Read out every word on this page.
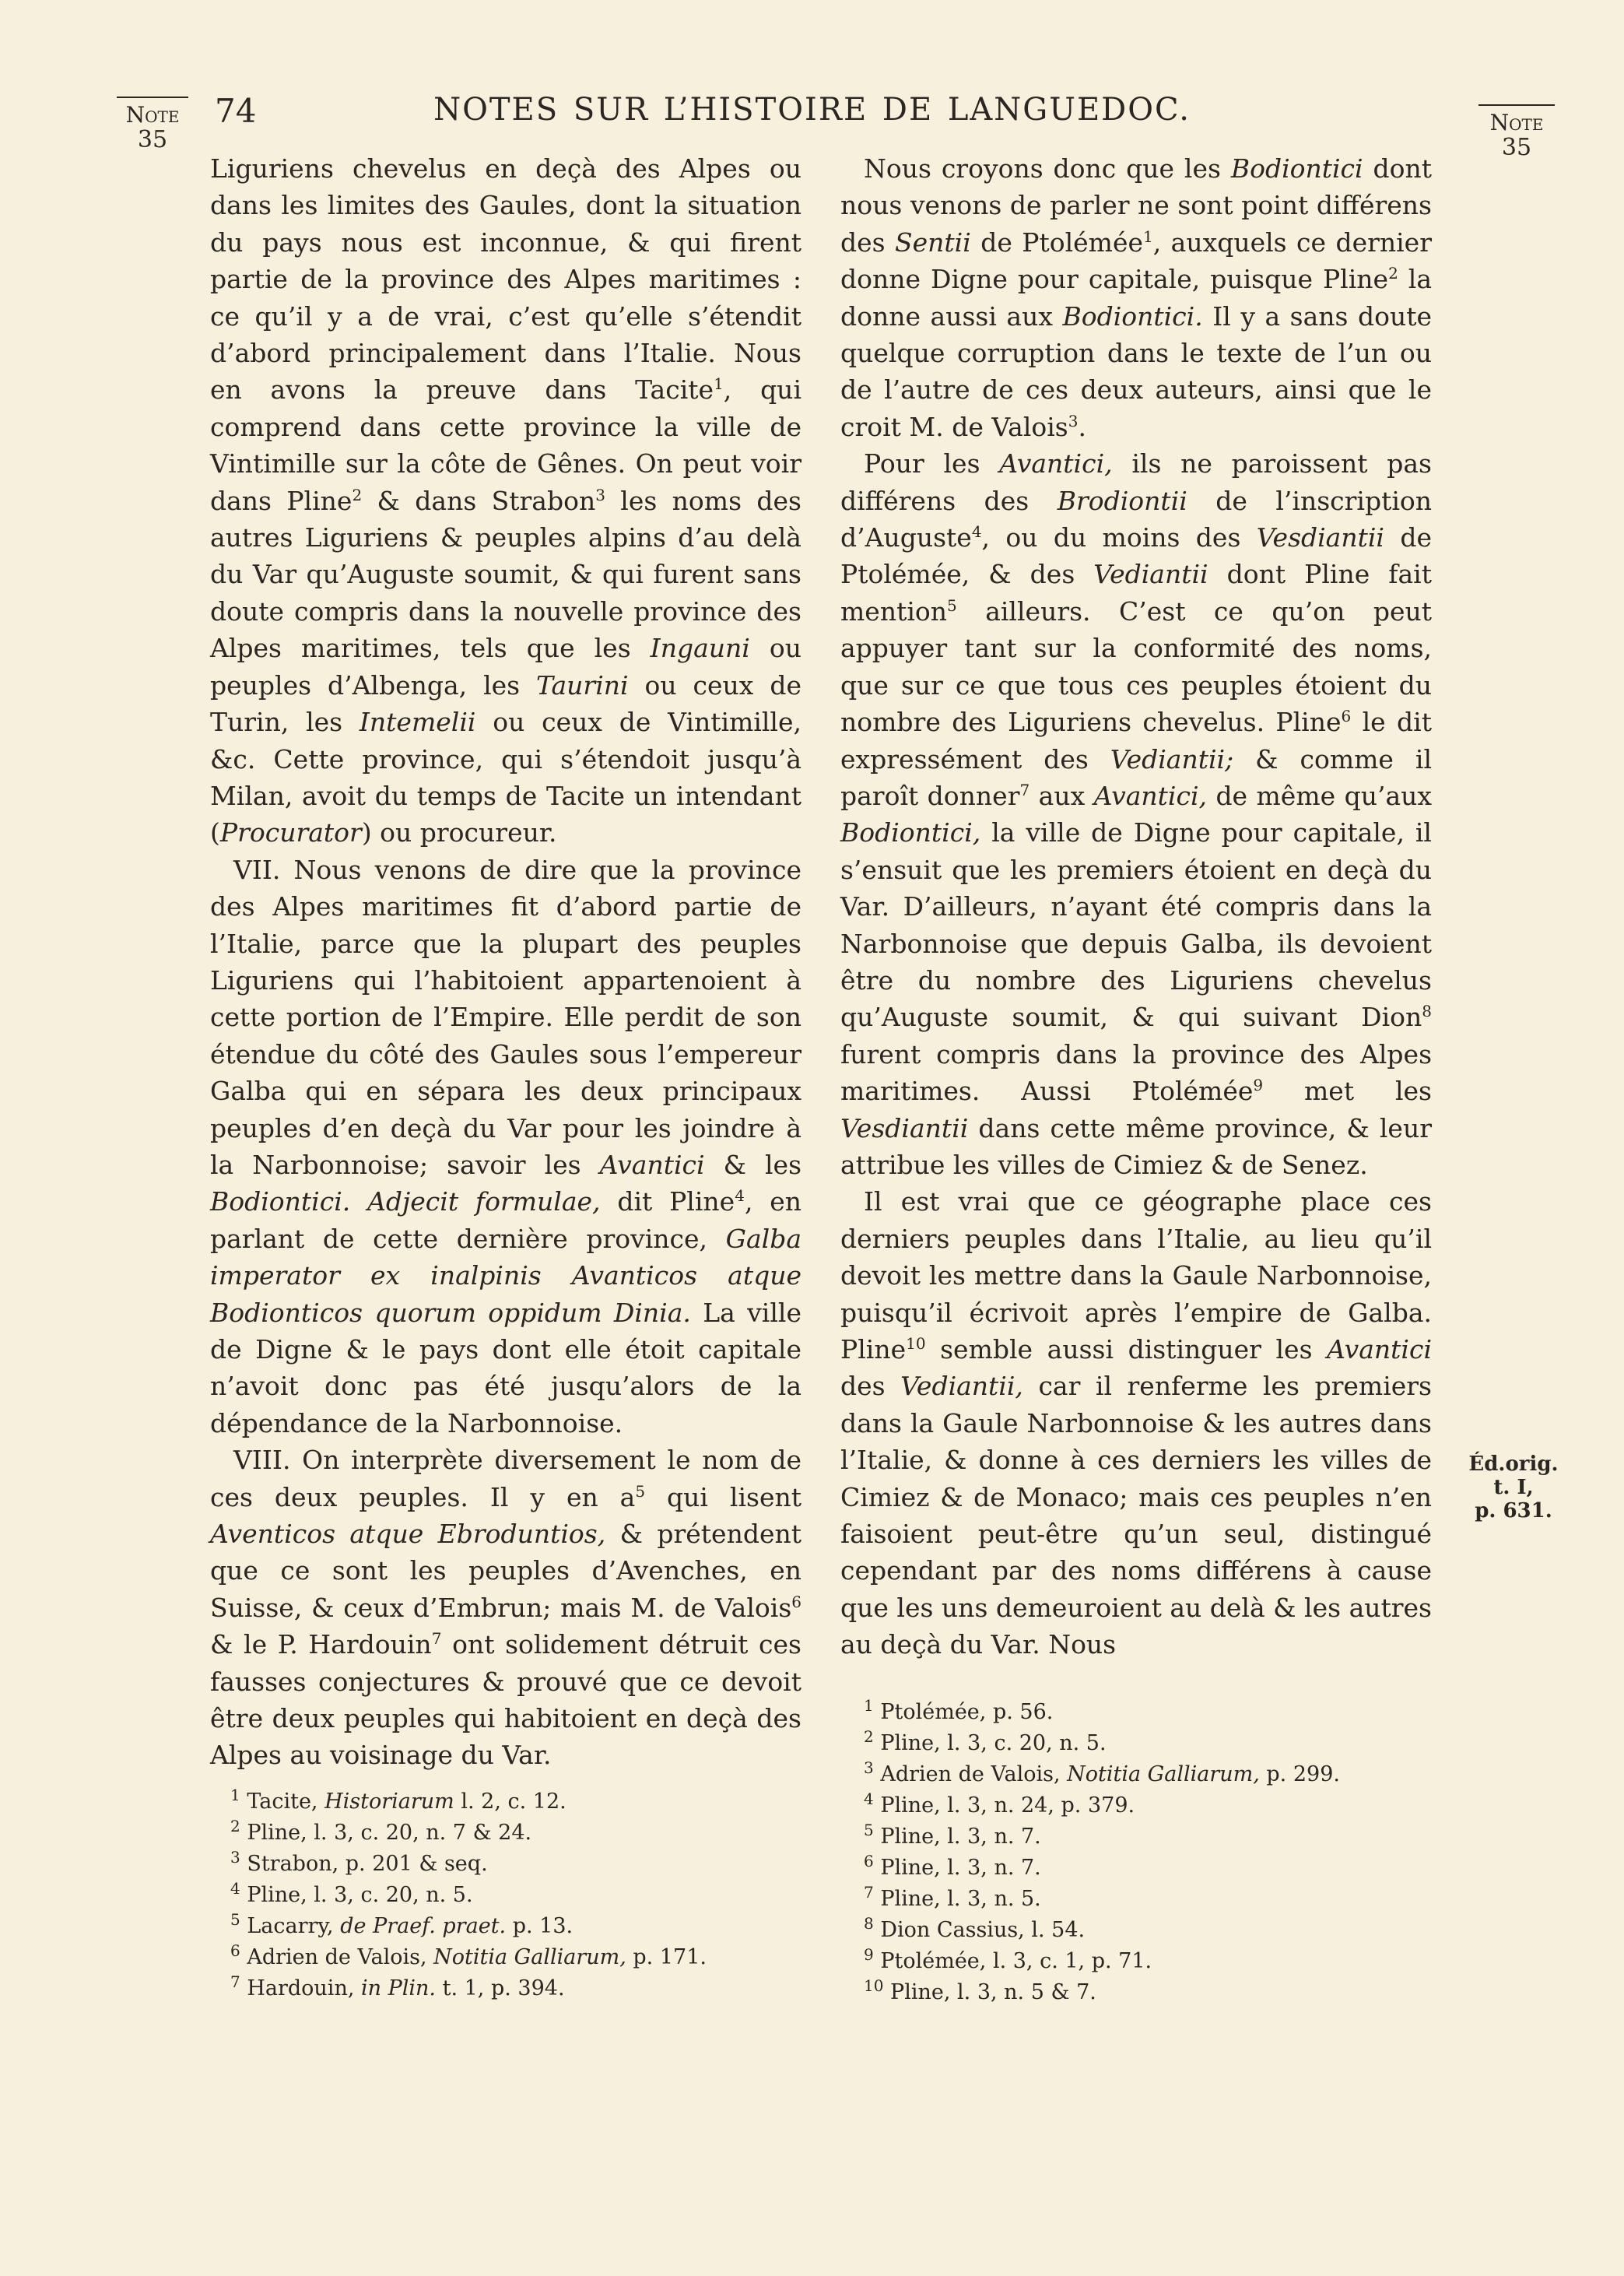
Note
35
74	NOTES SUR L’HISTOIRE DE LANGUEDOC.	Note
35

Liguriens chevelus en deçà des Alpes ou dans les limites des Gaules, dont la situation du pays nous est inconnue, & qui firent partie de la province des Alpes maritimes : ce qu’il y a de vrai, c’est qu’elle s’étendit d’abord principalement dans l’Italie. Nous en avons la preuve dans Tacite$^1$, qui comprend dans cette province la ville de Vintimille sur la côte de Gênes. On peut voir dans Pline$^2$ & dans Strabon$^3$ les noms des autres Liguriens & peuples alpins d’au delà du Var qu’Auguste soumit, & qui furent sans doute compris dans la nouvelle province des Alpes maritimes, tels que les Ingauni ou peuples d’Albenga, les Taurini ou ceux de Turin, les Intemelii ou ceux de Vintimille, &c. Cette province, qui s’étendoit jusqu’à Milan, avoit du temps de Tacite un intendant (Procurator) ou procureur.

VII. Nous venons de dire que la province des Alpes maritimes fit d’abord partie de l’Italie, parce que la plupart des peuples Liguriens qui l’habitoient appartenoient à cette portion de l’Empire. Elle perdit de son étendue du côté des Gaules sous l’empereur Galba qui en sépara les deux principaux peuples d’en deçà du Var pour les joindre à la Narbonnoise; savoir les Avantici & les Bodiontici. Adjecit formulae, dit Pline$^4$, en parlant de cette dernière province, Galba imperator ex inalpinis Avanticos atque Bodionticos quorum oppidum Dinia. La ville de Digne & le pays dont elle étoit capitale n’avoit donc pas été jusqu’alors de la dépendance de la Narbonnoise.

VIII. On interprète diversement le nom de ces deux peuples. Il y en $a^5$ qui lisent Aventicos atque Ebroduntios, & prétendent que ce sont les peuples d’Avenches, en Suisse, & ceux d’Embrun; mais M. de Valois$^6$ & le P. Hardouin$^7$ ont solidement détruit ces fausses conjectures & prouvé que ce devoit être deux peuples qui habitoient en deçà des Alpes au voisinage du Var.

Nous croyons donc que les Bodiontici dont nous venons de parler ne sont point différens des Sentii de Ptolémée$^1$, auxquels ce dernier donne Digne pour capitale, puisque Pline$^2$ la donne aussi aux Bodiontici. Il y a sans doute quelque corruption dans le texte de l’un ou de l’autre de ces deux auteurs, ainsi que le croit M. de Valois$^3$.

Pour les Avantici, ils ne paroissent pas différens des Brodiontii de l’inscription d’Auguste$^4$, ou du moins des Vesdiantii de Ptolémée, & des Vediantii dont Pline fait mention$^5$ ailleurs. C’est ce qu’on peut appuyer tant sur la conformité des noms, que sur ce que tous ces peuples étoient du nombre des Liguriens chevelus. Pline$^6$ le dit expressément des Vediantii; & comme il paroît donner$^7$ aux Avantici, de même qu’aux Bodiontici, la ville de Digne pour capitale, il s’ensuit que les premiers étoient en deçà du Var. D’ailleurs, n’ayant été compris dans la Narbonnoise que depuis Galba, ils devoient être du nombre des Liguriens chevelus qu’Auguste soumit, & qui suivant Dion$^8$ furent compris dans la province des Alpes maritimes. Aussi Ptolémée$^9$ met les Vesdiantii dans cette même province, & leur attribue les villes de Cimiez & de Senez.

Il est vrai que ce géographe place ces derniers peuples dans l’Italie, au lieu qu’il devoit les mettre dans la Gaule Narbonnoise, puisqu’il écrivoit après l’empire de Galba. Pline$^{10}$ semble aussi distinguer les Avantici des Vediantii, car il renferme les premiers dans la Gaule Narbonnoise & les autres dans l’Italie, & donne à ces derniers les villes de Cimiez & de Monaco; mais ces peuples n’en faisoient peut-être qu’un seul, distingué cependant par des noms différens à cause que les uns demeuroient au delà & les autres au deçà du Var. Nous

Éd.orig.
t. I,
p. 631.
$^1$ Tacite, Historiarum l. 2, c. 12.
$^2$ Pline, l. 3, c. 20, n. 7 & 24.
$^3$ Strabon, p. 201 & seq.
$^4$ Pline, l. 3, c. 20, n. 5.
$^5$ Lacarry, de Praef. praet. p. 13.
$^6$ Adrien de Valois, Notitia Galliarum, p. 171.
$^7$ Hardouin, in Plin. t. 1, p. 394.
$^1$ Ptolémée, p. 56.
$^2$ Pline, l. 3, c. 20, n. 5.
$^3$ Adrien de Valois, Notitia Galliarum, p. 299.
$^4$ Pline, l. 3, n. 24, p. 379.
$^5$ Pline, l. 3, n. 7.
$^6$ Pline, l. 3, n. 7.
$^7$ Pline, l. 3, n. 5.
$^8$ Dion Cassius, l. 54.
$^9$ Ptolémée, l. 3, c. 1, p. 71.
$^{10}$ Pline, l. 3, n. 5 & 7.
